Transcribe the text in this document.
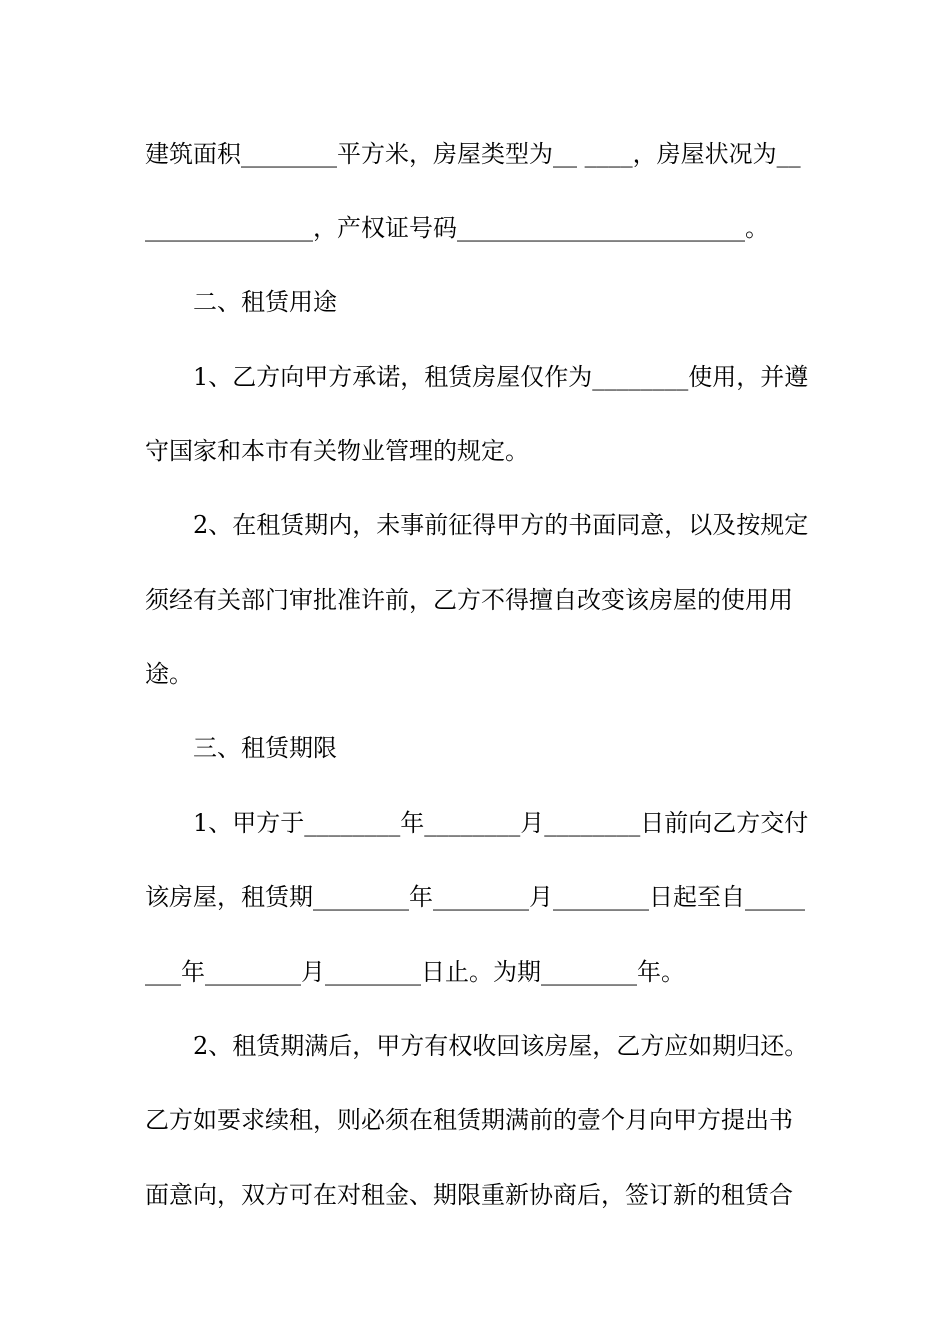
建筑面积________平方米，房屋类型为__ ____，房屋状况为__
______________，产权证号码________________________。
二、租赁用途
1、乙方向甲方承诺，租赁房屋仅作为________使用，并遵
守国家和本市有关物业管理的规定。
2、在租赁期内，未事前征得甲方的书面同意，以及按规定
须经有关部门审批准许前，乙方不得擅自改变该房屋的使用用
途。
三、租赁期限
1、甲方于________年________月________日前向乙方交付
该房屋，租赁期________年________月________日起至自_____
___年________月________日止。为期________年。
2、租赁期满后，甲方有权收回该房屋，乙方应如期归还。
乙方如要求续租，则必须在租赁期满前的壹个月向甲方提出书
面意向，双方可在对租金、期限重新协商后，签订新的租赁合
